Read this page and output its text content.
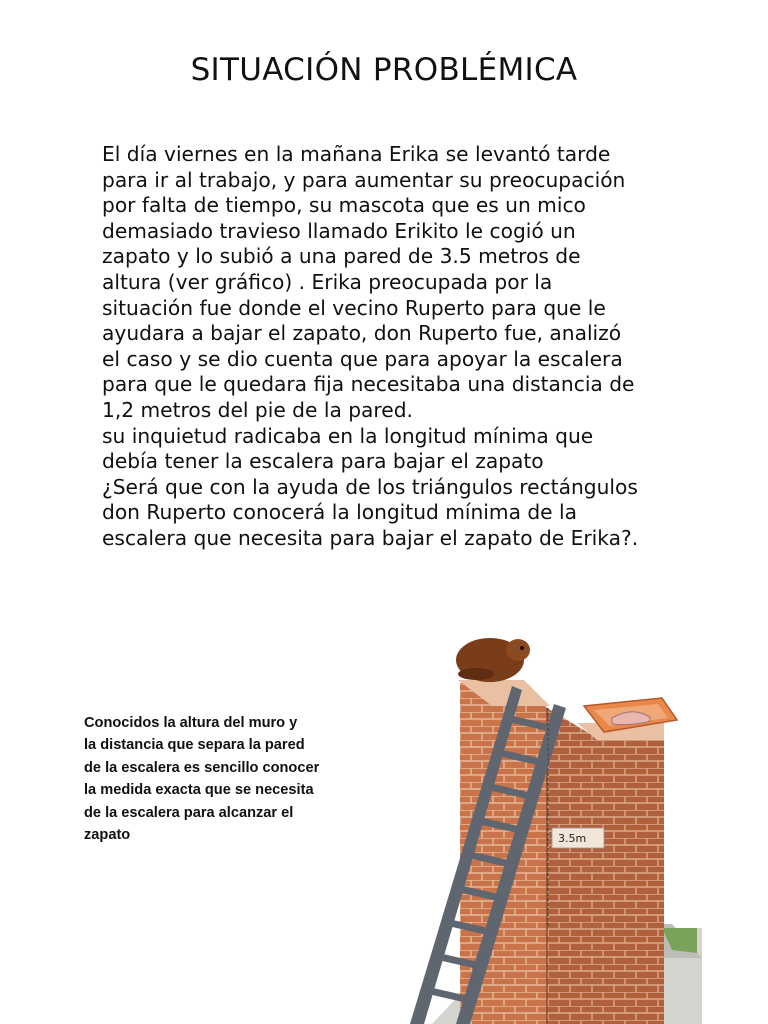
SITUACIÓN PROBLÉMICA

El día viernes en la mañana Erika se levantó tarde

para ir al trabajo, y para aumentar su preocupación

por falta de tiempo, su mascota que es un mico

demasiado travieso llamado Erikito le cogió un

zapato y lo subió a una pared de 3.5 metros de

altura (ver gráfico) . Erika preocupada por la

situación fue donde el vecino Ruperto para que le

ayudara a bajar el zapato, don Ruperto fue, analizó

el caso y se dio cuenta que para apoyar la escalera

para que le quedara fija necesitaba una distancia de

1,2 metros del pie de la pared.

su inquietud radicaba en la longitud mínima que

debía tener la escalera para bajar el zapato

¿Será que con la ayuda de los triángulos rectángulos

don Ruperto conocerá la longitud mínima de la

escalera que necesita para bajar el zapato de Erika?.

Conocidos la altura del muro y

la distancia que separa la pared

de la escalera es sencillo conocer

la medida exacta que se necesita

de la escalera para alcanzar el

zapato	3.5m
